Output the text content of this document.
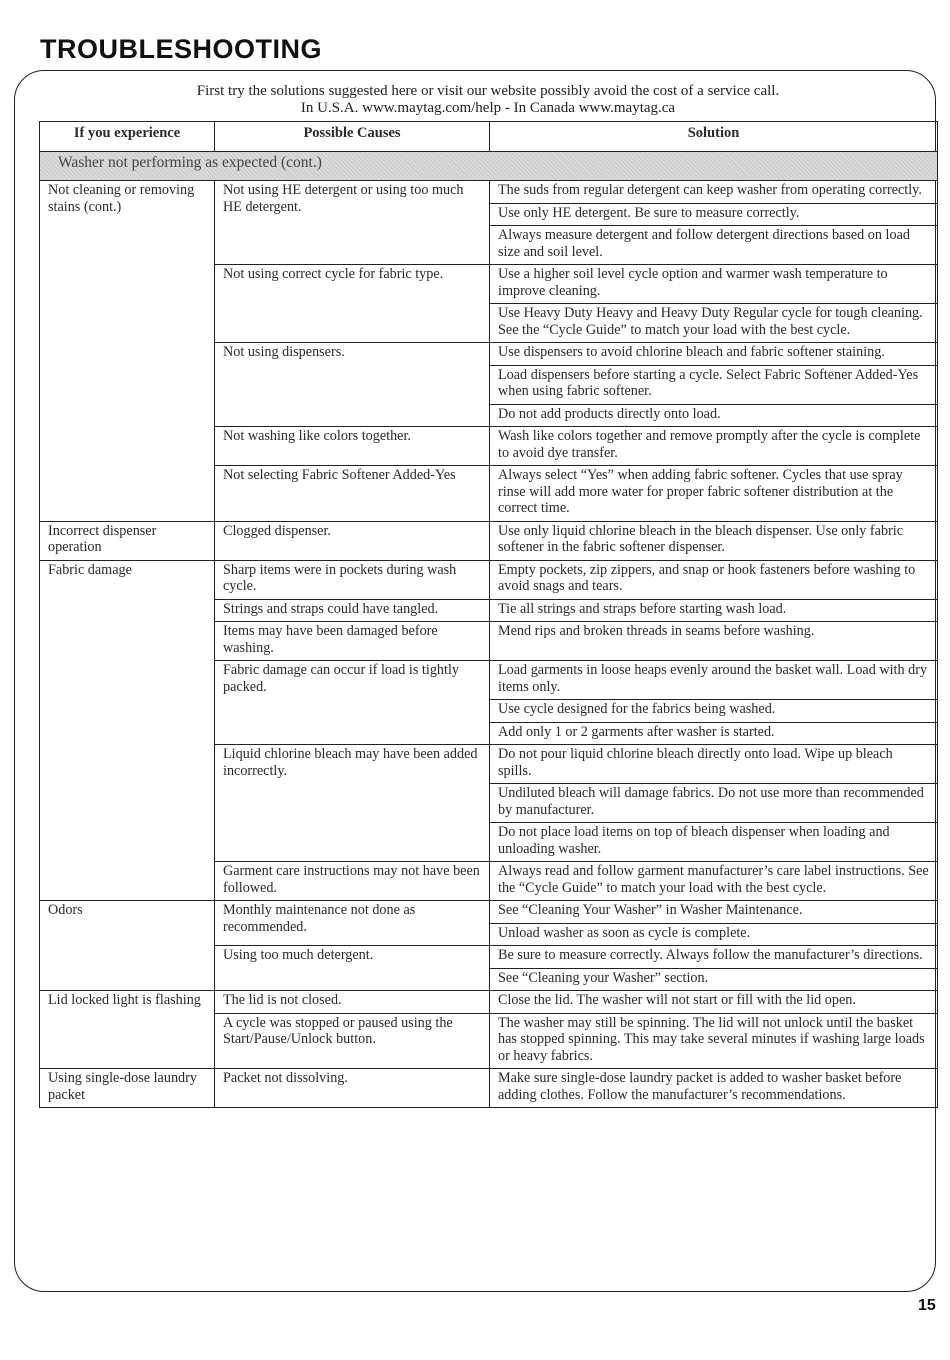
TROUBLESHOOTING
First try the solutions suggested here or visit our website possibly avoid the cost of a service call.
In U.S.A. www.maytag.com/help - In Canada www.maytag.ca
If you experience	Possible Causes	Solution
Washer not performing as expected (cont.)		
Not cleaning or removing stains (cont.)	Not using HE detergent or using too much HE detergent.	The suds from regular detergent can keep washer from operating correctly.
		Use only HE detergent. Be sure to measure correctly.
		Always measure detergent and follow detergent directions based on load size and soil level.
	Not using correct cycle for fabric type.	Use a higher soil level cycle option and warmer wash temperature to improve cleaning.
		Use Heavy Duty Heavy and Heavy Duty Regular cycle for tough cleaning. See the “Cycle Guide” to match your load with the best cycle.
	Not using dispensers.	Use dispensers to avoid chlorine bleach and fabric softener staining.
		Load dispensers before starting a cycle. Select Fabric Softener Added-Yes when using fabric softener.
		Do not add products directly onto load.
	Not washing like colors together.	Wash like colors together and remove promptly after the cycle is complete to avoid dye transfer.
	Not selecting Fabric Softener Added-Yes	Always select “Yes” when adding fabric softener. Cycles that use spray rinse will add more water for proper fabric softener distribution at the correct time.
Incorrect dispenser operation	Clogged dispenser.	Use only liquid chlorine bleach in the bleach dispenser. Use only fabric softener in the fabric softener dispenser.
Fabric damage	Sharp items were in pockets during wash cycle.	Empty pockets, zip zippers, and snap or hook fasteners before washing to avoid snags and tears.
	Strings and straps could have tangled.	Tie all strings and straps before starting wash load.
	Items may have been damaged before washing.	Mend rips and broken threads in seams before washing.
	Fabric damage can occur if load is tightly packed.	Load garments in loose heaps evenly around the basket wall. Load with dry items only.
		Use cycle designed for the fabrics being washed.
		Add only 1 or 2 garments after washer is started.
	Liquid chlorine bleach may have been added incorrectly.	Do not pour liquid chlorine bleach directly onto load. Wipe up bleach spills.
		Undiluted bleach will damage fabrics. Do not use more than recommended by manufacturer.
		Do not place load items on top of bleach dispenser when loading and unloading washer.
	Garment care instructions may not have been followed.	Always read and follow garment manufacturer’s care label instructions. See the “Cycle Guide” to match your load with the best cycle.
Odors	Monthly maintenance not done as recommended.	See “Cleaning Your Washer” in Washer Maintenance.
		Unload washer as soon as cycle is complete.
	Using too much detergent.	Be sure to measure correctly. Always follow the manufacturer’s directions.
		See “Cleaning your Washer” section.
Lid locked light is flashing	The lid is not closed.	Close the lid. The washer will not start or fill with the lid open.
	A cycle was stopped or paused using the Start/Pause/Unlock button.	The washer may still be spinning. The lid will not unlock until the basket has stopped spinning. This may take several minutes if washing large loads or heavy fabrics.
Using single-dose laundry packet	Packet not dissolving.	Make sure single-dose laundry packet is added to washer basket before adding clothes. Follow the manufacturer’s recommendations.
15
